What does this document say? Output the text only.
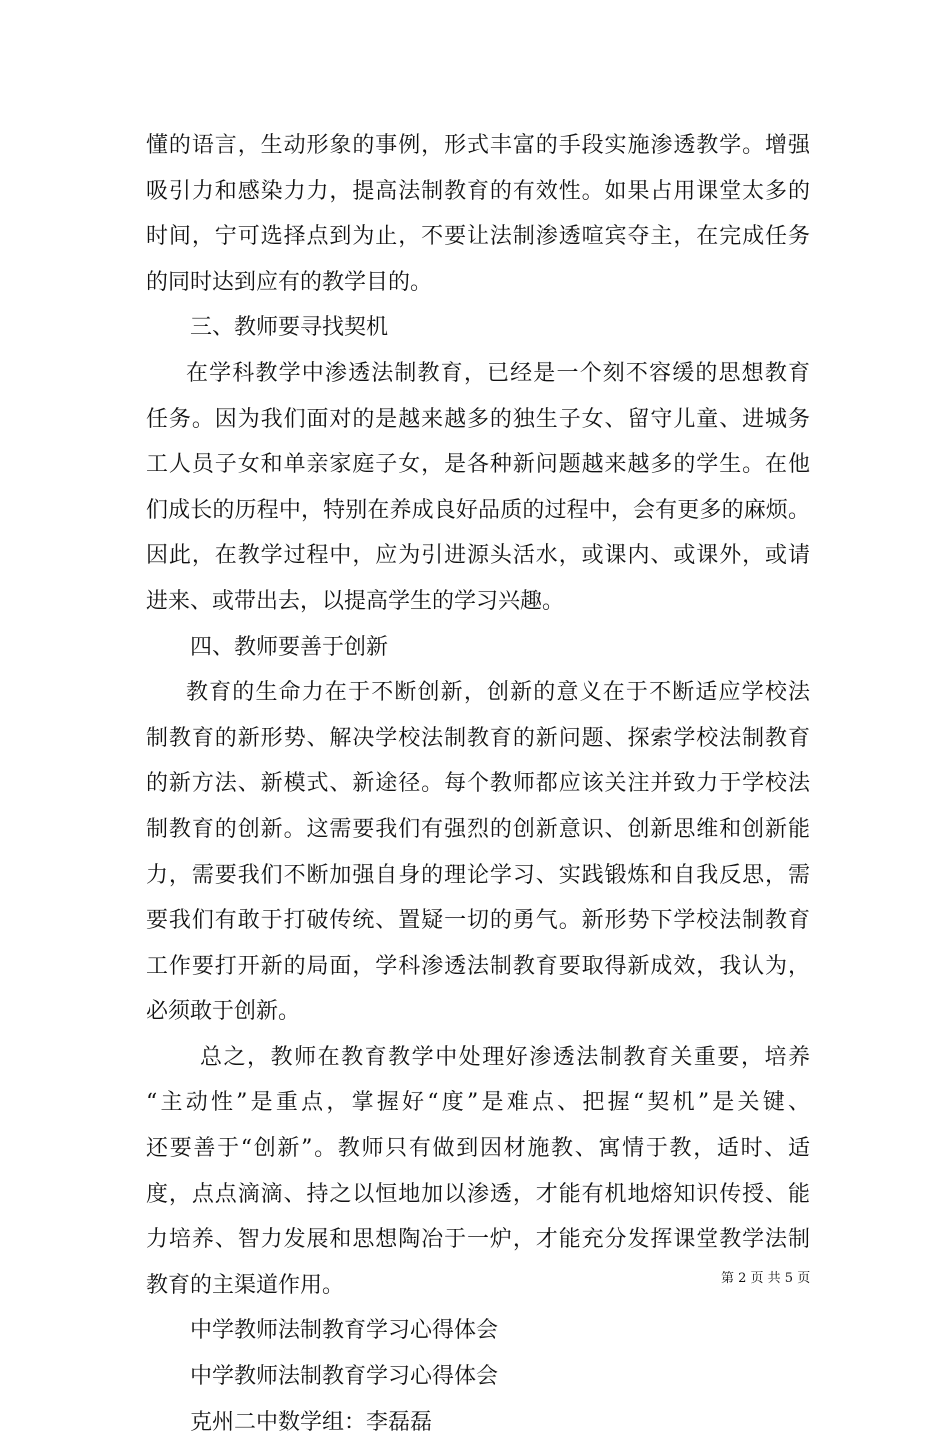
懂的语言，生动形象的事例，形式丰富的手段实施渗透教学。增强
吸引力和感染力力，提高法制教育的有效性。如果占用课堂太多的
时间，宁可选择点到为止，不要让法制渗透喧宾夺主，在完成任务
的同时达到应有的教学目的。
三、教师要寻找契机
在学科教学中渗透法制教育，已经是一个刻不容缓的思想教育
任务。因为我们面对的是越来越多的独生子女、留守儿童、进城务
工人员子女和单亲家庭子女，是各种新问题越来越多的学生。在他
们成长的历程中，特别在养成良好品质的过程中，会有更多的麻烦。
因此，在教学过程中，应为引进源头活水，或课内、或课外，或请
进来、或带出去，以提高学生的学习兴趣。
四、教师要善于创新
教育的生命力在于不断创新，创新的意义在于不断适应学校法
制教育的新形势、解决学校法制教育的新问题、探索学校法制教育
的新方法、新模式、新途径。每个教师都应该关注并致力于学校法
制教育的创新。这需要我们有强烈的创新意识、创新思维和创新能
力，需要我们不断加强自身的理论学习、实践锻炼和自我反思，需
要我们有敢于打破传统、置疑一切的勇气。新形势下学校法制教育
工作要打开新的局面，学科渗透法制教育要取得新成效，我认为，
必须敢于创新。
总之，教师在教育教学中处理好渗透法制教育关重要，培养
“主动性”是重点，掌握好“度”是难点、把握“契机”是关键、
还要善于“创新”。教师只有做到因材施教、寓情于教，适时、适
度，点点滴滴、持之以恒地加以渗透，才能有机地熔知识传授、能
力培养、智力发展和思想陶冶于一炉，才能充分发挥课堂教学法制
教育的主渠道作用。
中学教师法制教育学习心得体会
中学教师法制教育学习心得体会
克州二中数学组：李磊磊
第 2 页 共 5 页
